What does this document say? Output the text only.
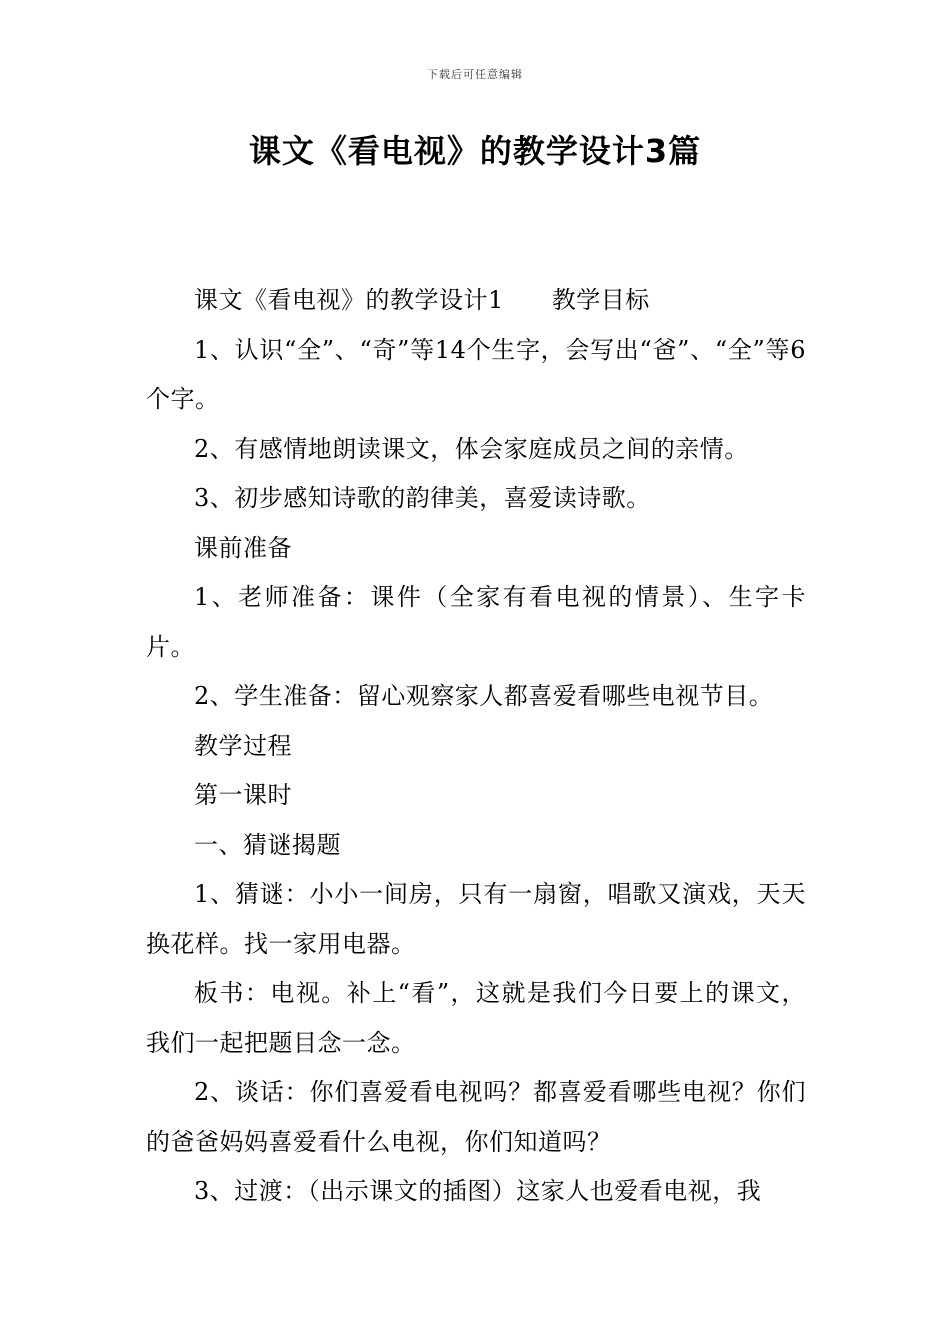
下载后可任意编辑
课文《看电视》的教学设计3篇

课文《看电视》的教学设计1 教学目标

1、认识“全”、“奇”等14个生字，会写出“爸”、“全”等6个字。

2、有感情地朗读课文，体会家庭成员之间的亲情。

3、初步感知诗歌的韵律美，喜爱读诗歌。

课前准备

1、老师准备：课件（全家有看电视的情景）、生字卡片。

2、学生准备：留心观察家人都喜爱看哪些电视节目。

教学过程

第一课时

一、猜谜揭题

1、猜谜：小小一间房，只有一扇窗，唱歌又演戏，天天换花样。找一家用电器。

板书：电视。补上“看”，这就是我们今日要上的课文，我们一起把题目念一念。

2、谈话：你们喜爱看电视吗？都喜爱看哪些电视？你们的爸爸妈妈喜爱看什么电视，你们知道吗？

3、过渡：（出示课文的插图）这家人也爱看电视，我
